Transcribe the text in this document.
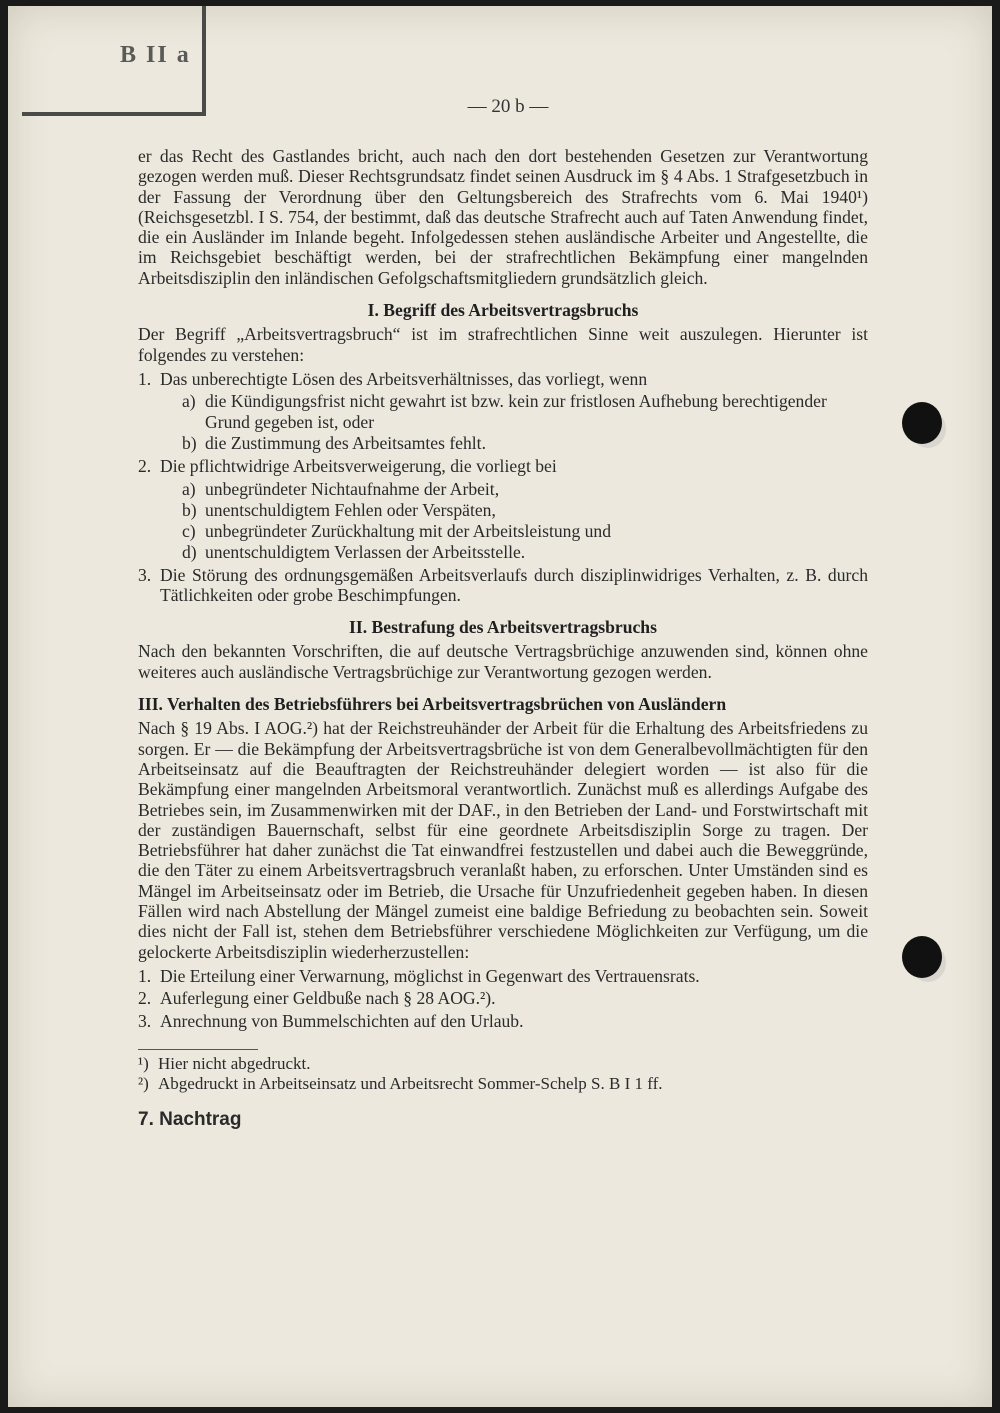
B II a
— 20 b —

er das Recht des Gastlandes bricht, auch nach den dort bestehenden Gesetzen zur Verantwortung gezogen werden muß. Dieser Rechtsgrundsatz findet seinen Ausdruck im § 4 Abs. 1 Strafgesetzbuch in der Fassung der Verordnung über den Geltungsbereich des Strafrechts vom 6. Mai 1940¹) (Reichsgesetzbl. I S. 754, der bestimmt, daß das deutsche Strafrecht auch auf Taten Anwendung findet, die ein Ausländer im Inlande begeht. Infolgedessen stehen ausländische Arbeiter und Angestellte, die im Reichsgebiet beschäftigt werden, bei der strafrechtlichen Bekämpfung einer mangelnden Arbeitsdisziplin den inländischen Gefolgschaftsmitgliedern grundsätzlich gleich.

I. Begriff des Arbeitsvertragsbruchs

Der Begriff „Arbeitsvertragsbruch“ ist im strafrechtlichen Sinne weit auszulegen. Hierunter ist folgendes zu verstehen:

1. Das unberechtigte Lösen des Arbeitsverhältnisses, das vorliegt, wenn
a) die Kündigungsfrist nicht gewahrt ist bzw. kein zur fristlosen Aufhebung berechtigender Grund gegeben ist, oder
b) die Zustimmung des Arbeitsamtes fehlt.
2. Die pflichtwidrige Arbeitsverweigerung, die vorliegt bei
a) unbegründeter Nichtaufnahme der Arbeit,
b) unentschuldigtem Fehlen oder Verspäten,
c) unbegründeter Zurückhaltung mit der Arbeitsleistung und
d) unentschuldigtem Verlassen der Arbeitsstelle.
3. Die Störung des ordnungsgemäßen Arbeitsverlaufs durch disziplinwidriges Verhalten, z. B. durch Tätlichkeiten oder grobe Beschimpfungen.
II. Bestrafung des Arbeitsvertragsbruchs

Nach den bekannten Vorschriften, die auf deutsche Vertragsbrüchige anzuwenden sind, können ohne weiteres auch ausländische Vertragsbrüchige zur Verantwortung gezogen werden.

III. Verhalten des Betriebsführers bei Arbeitsvertragsbrüchen von Ausländern

Nach § 19 Abs. I AOG.²) hat der Reichstreuhänder der Arbeit für die Erhaltung des Arbeitsfriedens zu sorgen. Er — die Bekämpfung der Arbeitsvertragsbrüche ist von dem Generalbevollmächtigten für den Arbeitseinsatz auf die Beauftragten der Reichstreuhänder delegiert worden — ist also für die Bekämpfung einer mangelnden Arbeitsmoral verantwortlich. Zunächst muß es allerdings Aufgabe des Betriebes sein, im Zusammenwirken mit der DAF., in den Betrieben der Land- und Forstwirtschaft mit der zuständigen Bauernschaft, selbst für eine geordnete Arbeitsdisziplin Sorge zu tragen. Der Betriebsführer hat daher zunächst die Tat einwandfrei festzustellen und dabei auch die Beweggründe, die den Täter zu einem Arbeitsvertragsbruch veranlaßt haben, zu erforschen. Unter Umständen sind es Mängel im Arbeitseinsatz oder im Betrieb, die Ursache für Unzufriedenheit gegeben haben. In diesen Fällen wird nach Abstellung der Mängel zumeist eine baldige Befriedung zu beobachten sein. Soweit dies nicht der Fall ist, stehen dem Betriebsführer verschiedene Möglichkeiten zur Verfügung, um die gelockerte Arbeitsdisziplin wiederherzustellen:

1. Die Erteilung einer Verwarnung, möglichst in Gegenwart des Vertrauensrats.
2. Auferlegung einer Geldbuße nach § 28 AOG.²).
3. Anrechnung von Bummelschichten auf den Urlaub.
¹) Hier nicht abgedruckt.
²) Abgedruckt in Arbeitseinsatz und Arbeitsrecht Sommer-Schelp S. B I 1 ff.
7. Nachtrag
